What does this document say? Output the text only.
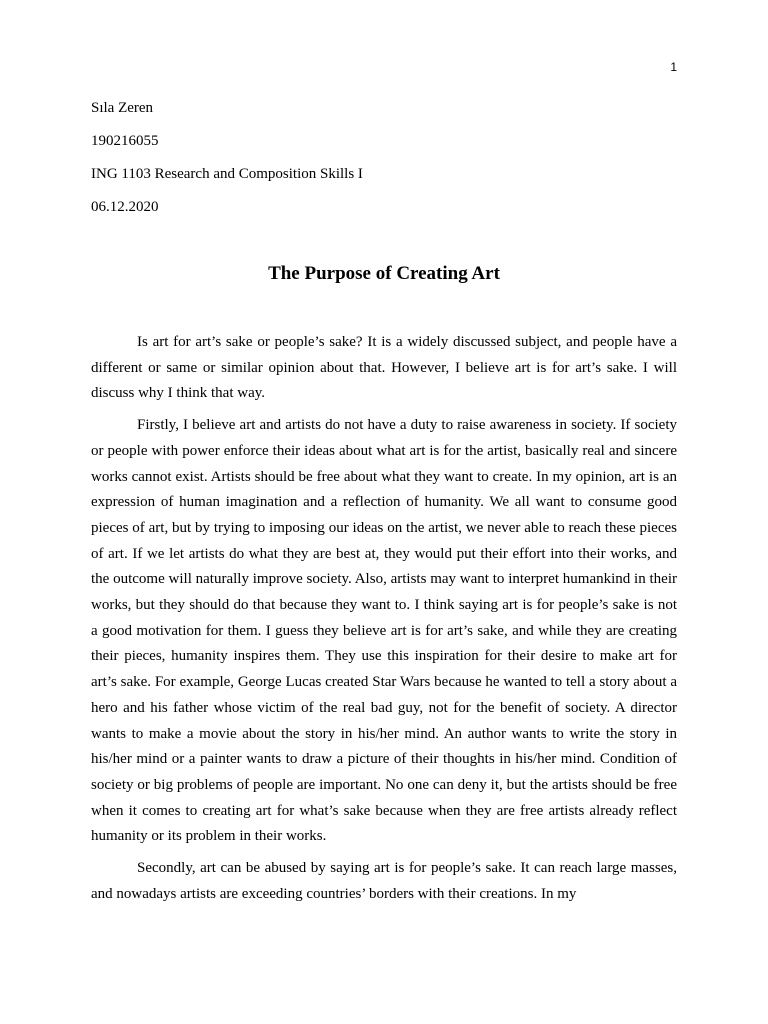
1

Sıla Zeren

190216055

ING 1103 Research and Composition Skills I

06.12.2020

The Purpose of Creating Art

Is art for art’s sake or people’s sake? It is a widely discussed subject, and people have a different or same or similar opinion about that. However, I believe art is for art’s sake. I will discuss why I think that way.

Firstly, I believe art and artists do not have a duty to raise awareness in society. If society or people with power enforce their ideas about what art is for the artist, basically real and sincere works cannot exist. Artists should be free about what they want to create. In my opinion, art is an expression of human imagination and a reflection of humanity. We all want to consume good pieces of art, but by trying to imposing our ideas on the artist, we never able to reach these pieces of art. If we let artists do what they are best at, they would put their effort into their works, and the outcome will naturally improve society. Also, artists may want to interpret humankind in their works, but they should do that because they want to. I think saying art is for people’s sake is not a good motivation for them. I guess they believe art is for art’s sake, and while they are creating their pieces, humanity inspires them. They use this inspiration for their desire to make art for art’s sake. For example, George Lucas created Star Wars because he wanted to tell a story about a hero and his father whose victim of the real bad guy, not for the benefit of society. A director wants to make a movie about the story in his/her mind. An author wants to write the story in his/her mind or a painter wants to draw a picture of their thoughts in his/her mind. Condition of society or big problems of people are important. No one can deny it, but the artists should be free when it comes to creating art for what’s sake because when they are free artists already reflect humanity or its problem in their works.

Secondly, art can be abused by saying art is for people’s sake. It can reach large masses, and nowadays artists are exceeding countries’ borders with their creations. In my
